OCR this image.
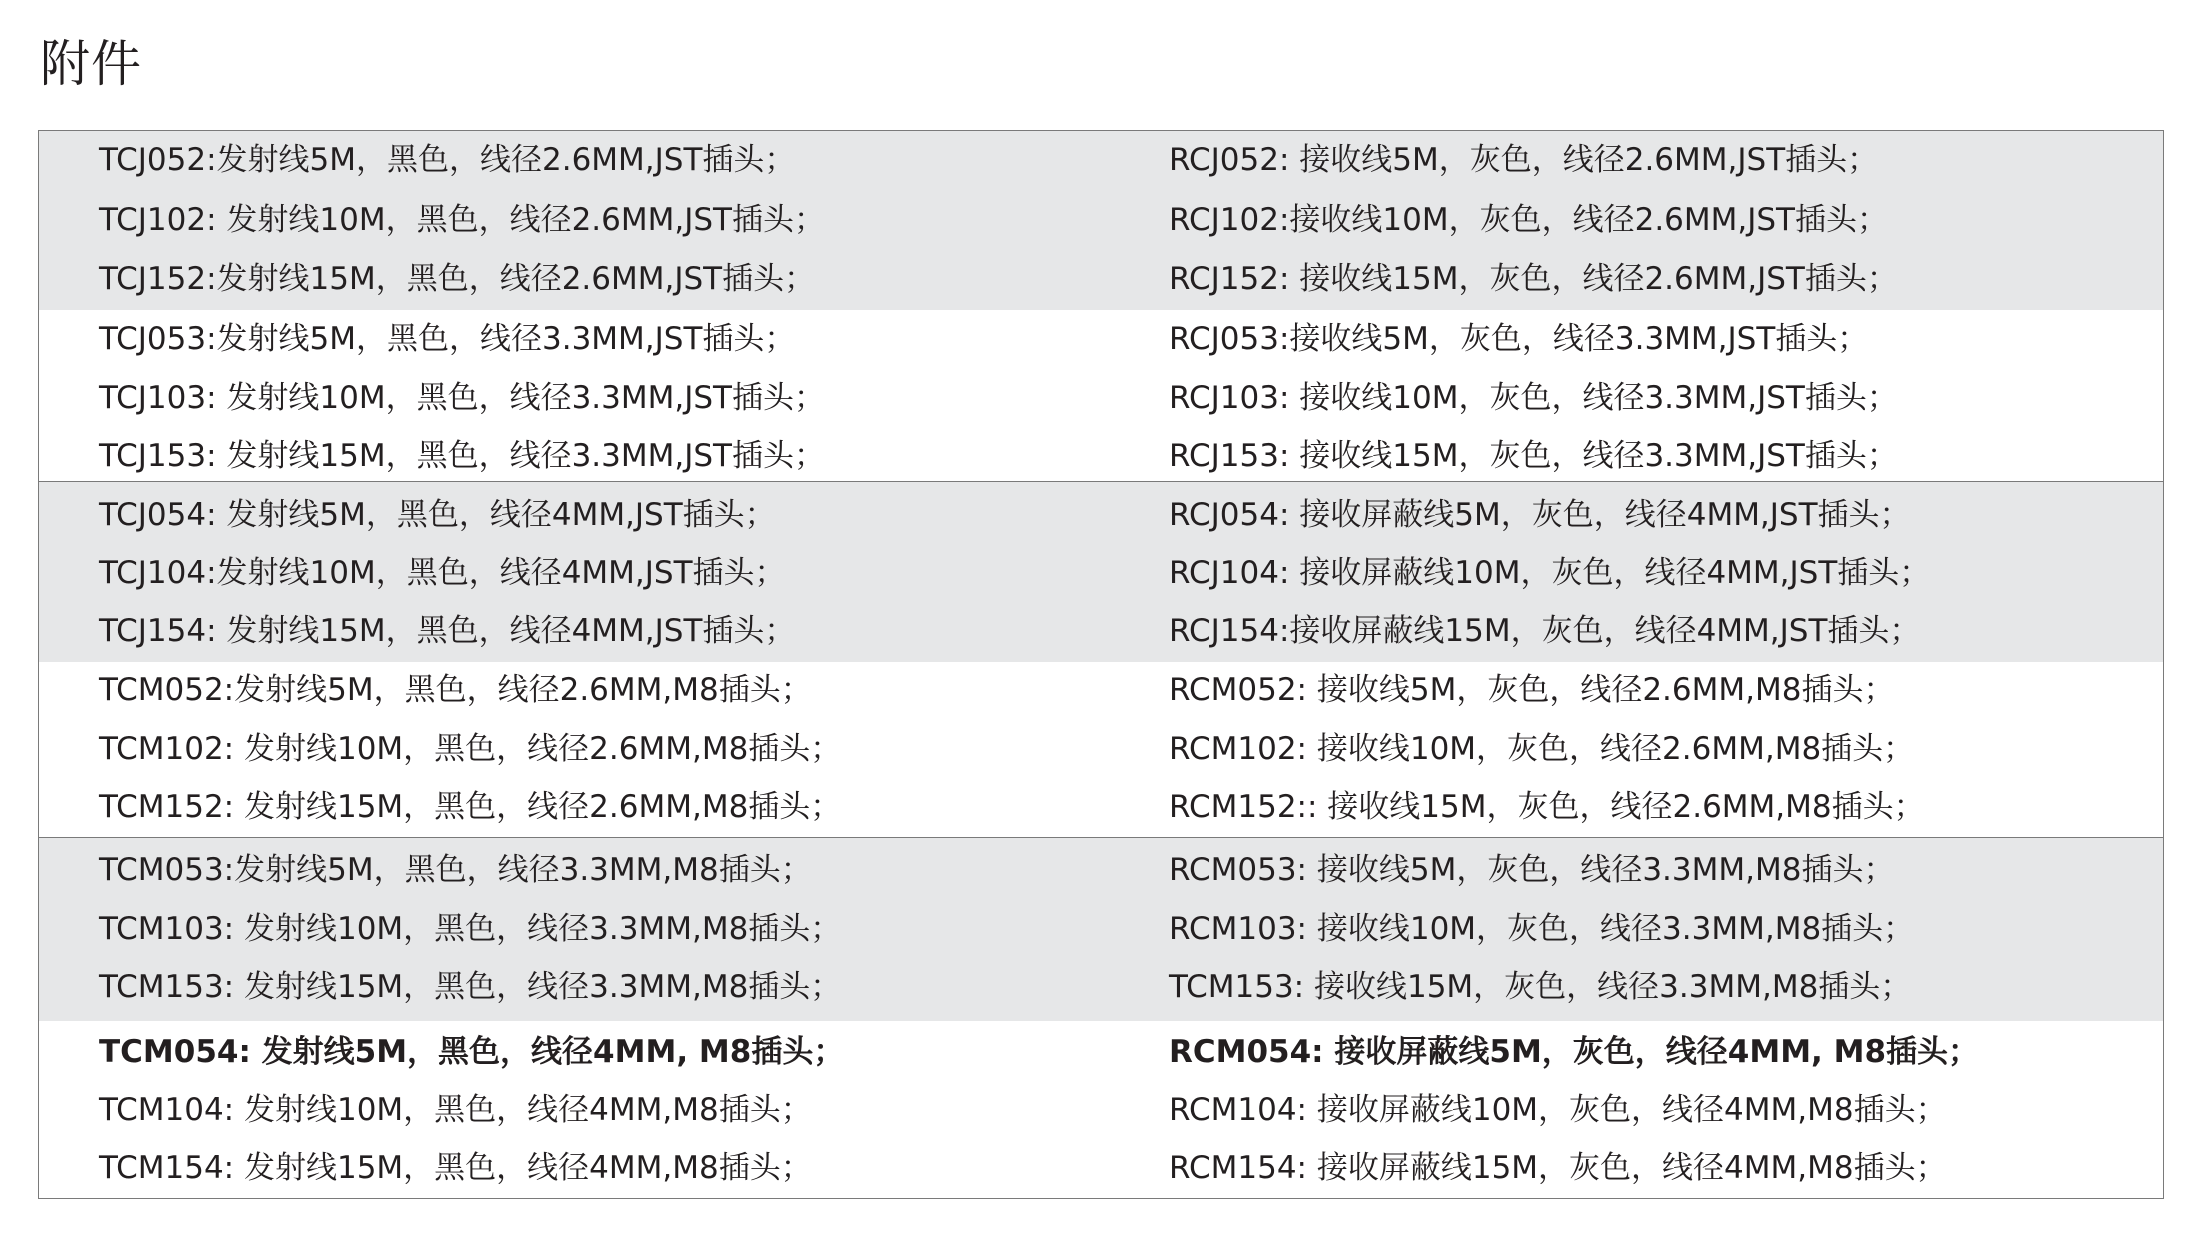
附件
TCJ052:发射线5M，黑色，线径2.6MM,JST插头；	RCJ052: 接收线5M，灰色，线径2.6MM,JST插头；
TCJ102: 发射线10M，黑色，线径2.6MM,JST插头；	RCJ102:接收线10M，灰色，线径2.6MM,JST插头；
TCJ152:发射线15M，黑色，线径2.6MM,JST插头；	RCJ152: 接收线15M，灰色，线径2.6MM,JST插头；
TCJ053:发射线5M，黑色，线径3.3MM,JST插头；	RCJ053:接收线5M，灰色，线径3.3MM,JST插头；
TCJ103: 发射线10M，黑色，线径3.3MM,JST插头；	RCJ103: 接收线10M，灰色，线径3.3MM,JST插头；
TCJ153: 发射线15M，黑色，线径3.3MM,JST插头；	RCJ153: 接收线15M，灰色，线径3.3MM,JST插头；
TCJ054: 发射线5M，黑色，线径4MM,JST插头；	RCJ054: 接收屏蔽线5M，灰色，线径4MM,JST插头；
TCJ104:发射线10M，黑色，线径4MM,JST插头；	RCJ104: 接收屏蔽线10M，灰色，线径4MM,JST插头；
TCJ154: 发射线15M，黑色，线径4MM,JST插头；	RCJ154:接收屏蔽线15M，灰色，线径4MM,JST插头；
TCM052:发射线5M，黑色，线径2.6MM,M8插头；	RCM052: 接收线5M，灰色，线径2.6MM,M8插头；
TCM102: 发射线10M，黑色，线径2.6MM,M8插头；	RCM102: 接收线10M，灰色，线径2.6MM,M8插头；
TCM152: 发射线15M，黑色，线径2.6MM,M8插头；	RCM152:: 接收线15M，灰色，线径2.6MM,M8插头；
TCM053:发射线5M，黑色，线径3.3MM,M8插头；	RCM053: 接收线5M，灰色，线径3.3MM,M8插头；
TCM103: 发射线10M，黑色，线径3.3MM,M8插头；	RCM103: 接收线10M，灰色，线径3.3MM,M8插头；
TCM153: 发射线15M，黑色，线径3.3MM,M8插头；	TCM153: 接收线15M，灰色，线径3.3MM,M8插头；
TCM054: 发射线5M，黑色，线径4MM, M8插头；	RCM054: 接收屏蔽线5M，灰色，线径4MM, M8插头；
TCM104: 发射线10M，黑色，线径4MM,M8插头；	RCM104: 接收屏蔽线10M，灰色，线径4MM,M8插头；
TCM154: 发射线15M，黑色，线径4MM,M8插头；	RCM154: 接收屏蔽线15M，灰色，线径4MM,M8插头；
